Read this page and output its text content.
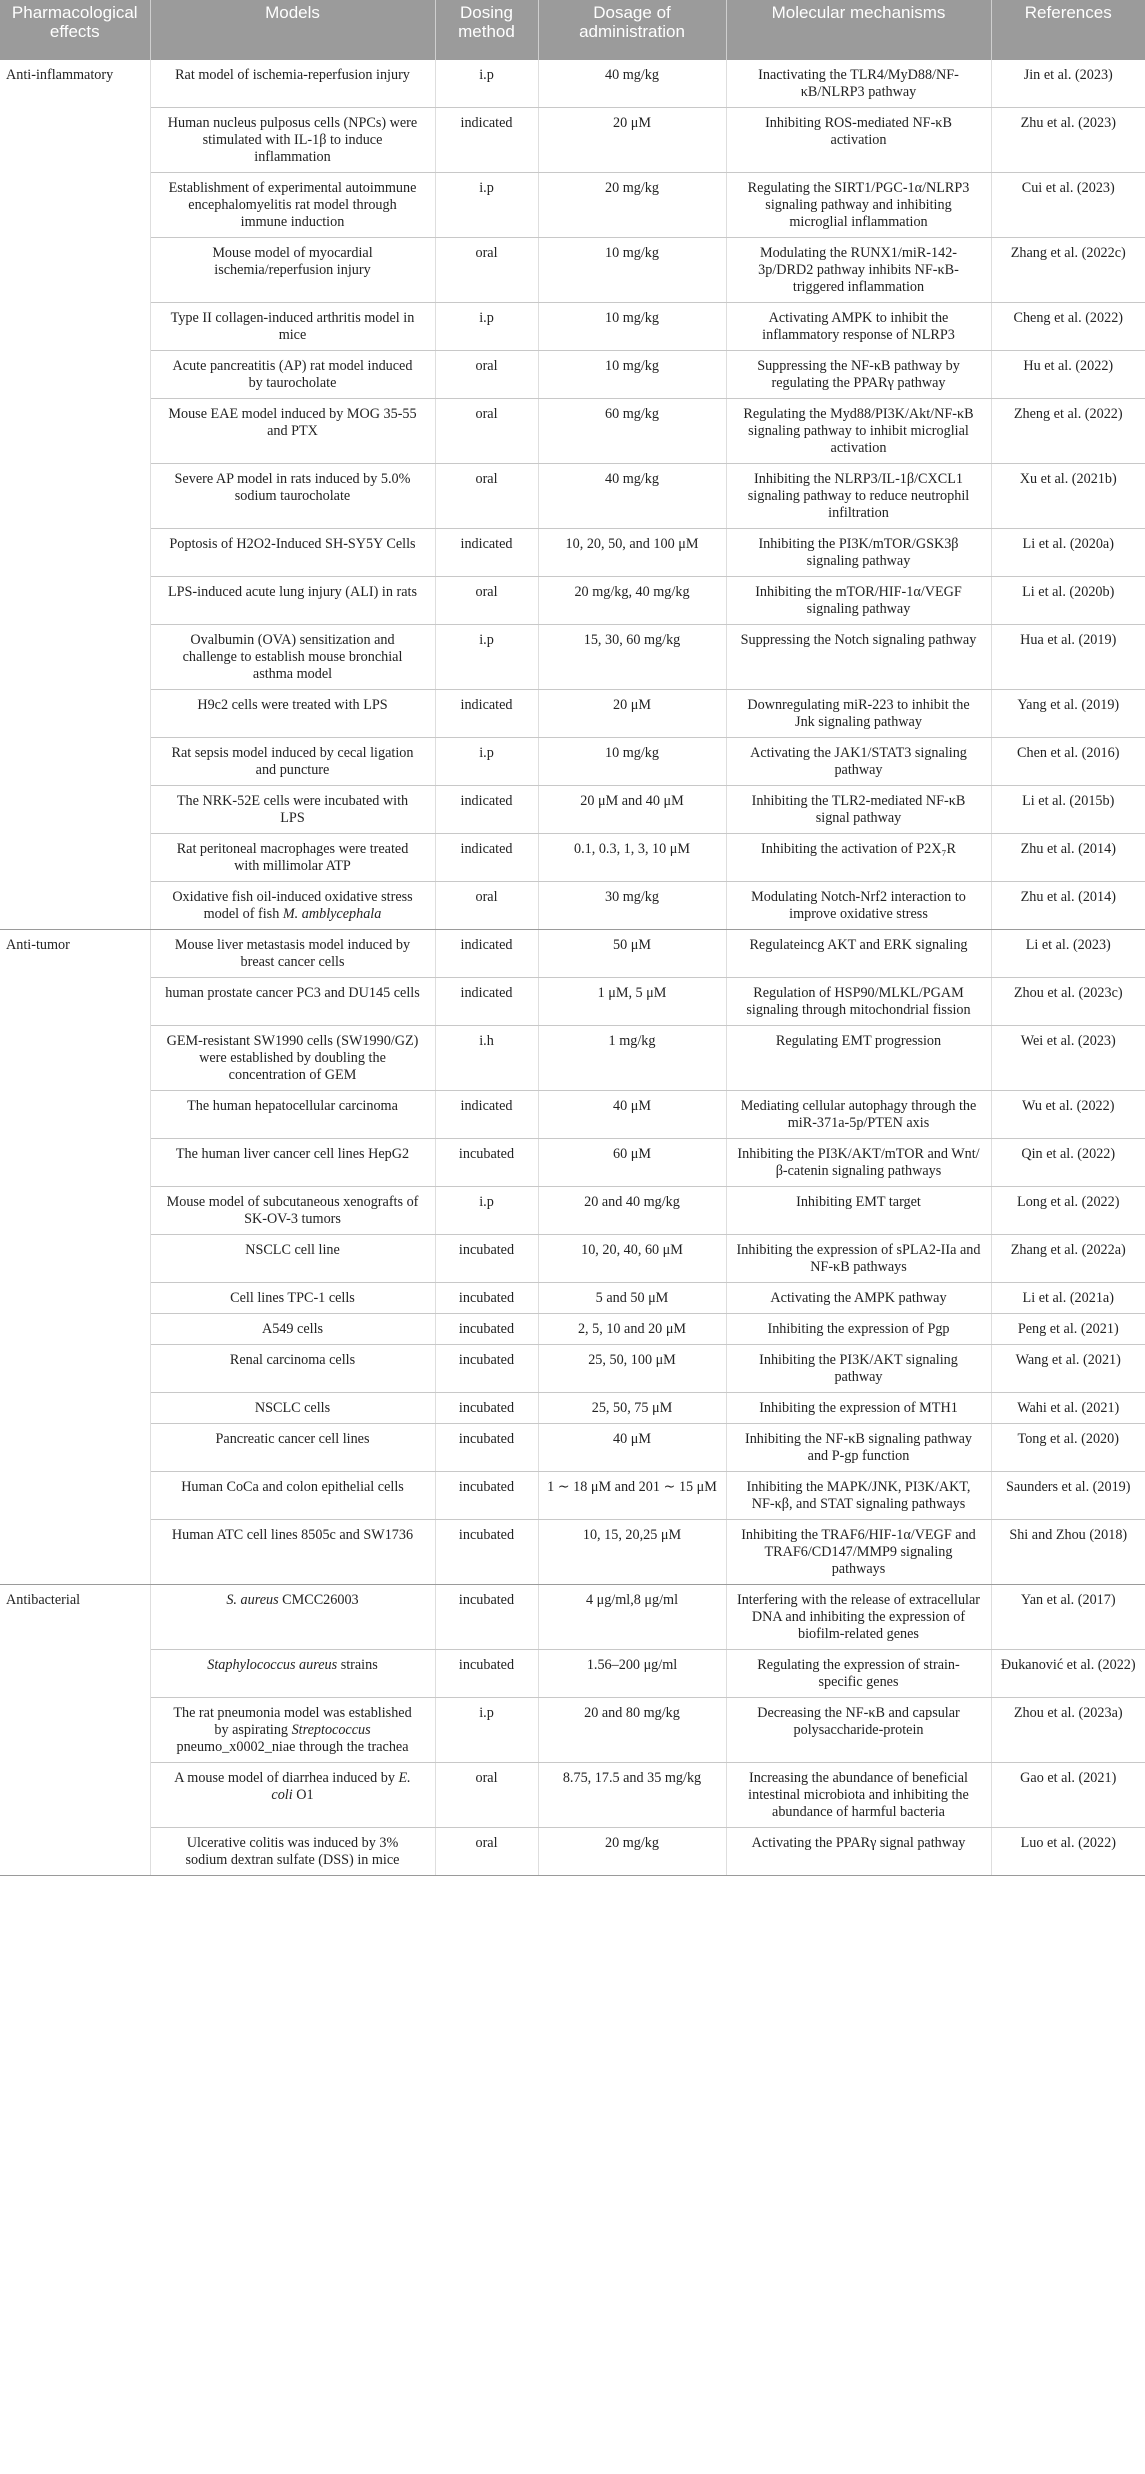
Pharmacological effects	Models	Dosing method	Dosage of administration	Molecular mechanisms	References
Anti-inflammatory	Rat model of ischemia-reperfusion injury	i.p	40 mg/kg	Inactivating the TLR4/MyD88/NF-κB/NLRP3 pathway	Jin et al. (2023)
	Human nucleus pulposus cells (NPCs) were stimulated with IL-1β to induce inflammation	indicated	20 μM	Inhibiting ROS-mediated NF-κB activation	Zhu et al. (2023)
	Establishment of experimental autoimmune encephalomyelitis rat model through immune induction	i.p	20 mg/kg	Regulating the SIRT1/PGC-1α/NLRP3 signaling pathway and inhibiting microglial inflammation	Cui et al. (2023)
	Mouse model of myocardial ischemia/reperfusion injury	oral	10 mg/kg	Modulating the RUNX1/miR-142-3p/DRD2 pathway inhibits NF-κB-triggered inflammation	Zhang et al. (2022c)
	Type II collagen-induced arthritis model in mice	i.p	10 mg/kg	Activating AMPK to inhibit the inflammatory response of NLRP3	Cheng et al. (2022)
	Acute pancreatitis (AP) rat model induced by taurocholate	oral	10 mg/kg	Suppressing the NF-κB pathway by regulating the PPARγ pathway	Hu et al. (2022)
	Mouse EAE model induced by MOG 35-55 and PTX	oral	60 mg/kg	Regulating the Myd88/PI3K/Akt/NF-κB signaling pathway to inhibit microglial activation	Zheng et al. (2022)
	Severe AP model in rats induced by 5.0% sodium taurocholate	oral	40 mg/kg	Inhibiting the NLRP3/IL-1β/CXCL1 signaling pathway to reduce neutrophil infiltration	Xu et al. (2021b)
	Poptosis of H2O2-Induced SH-SY5Y Cells	indicated	10, 20, 50, and 100 μM	Inhibiting the PI3K/mTOR/GSK3β signaling pathway	Li et al. (2020a)
	LPS-induced acute lung injury (ALI) in rats	oral	20 mg/kg, 40 mg/kg	Inhibiting the mTOR/HIF-1α/VEGF signaling pathway	Li et al. (2020b)
	Ovalbumin (OVA) sensitization and challenge to establish mouse bronchial asthma model	i.p	15, 30, 60 mg/kg	Suppressing the Notch signaling pathway	Hua et al. (2019)
	H9c2 cells were treated with LPS	indicated	20 μM	Downregulating miR-223 to inhibit the Jnk signaling pathway	Yang et al. (2019)
	Rat sepsis model induced by cecal ligation and puncture	i.p	10 mg/kg	Activating the JAK1/STAT3 signaling pathway	Chen et al. (2016)
	The NRK-52E cells were incubated with LPS	indicated	20 μM and 40 μM	Inhibiting the TLR2-mediated NF-κB signal pathway	Li et al. (2015b)
	Rat peritoneal macrophages were treated with millimolar ATP	indicated	0.1, 0.3, 1, 3, 10 μM	Inhibiting the activation of P2X₇R	Zhu et al. (2014)
	Oxidative fish oil-induced oxidative stress model of fish M. amblycephala	oral	30 mg/kg	Modulating Notch-Nrf2 interaction to improve oxidative stress	Zhu et al. (2014)
Anti-tumor	Mouse liver metastasis model induced by breast cancer cells	indicated	50 μM	Regulateincg AKT and ERK signaling	Li et al. (2023)
	human prostate cancer PC3 and DU145 cells	indicated	1 μM, 5 μM	Regulation of HSP90/MLKL/PGAM signaling through mitochondrial fission	Zhou et al. (2023c)
	GEM-resistant SW1990 cells (SW1990/GZ) were established by doubling the concentration of GEM	i.h	1 mg/kg	Regulating EMT progression	Wei et al. (2023)
	The human hepatocellular carcinoma	indicated	40 μM	Mediating cellular autophagy through the miR-371a-5p/PTEN axis	Wu et al. (2022)
	The human liver cancer cell lines HepG2	incubated	60 μM	Inhibiting the PI3K/AKT/mTOR and Wnt/β-catenin signaling pathways	Qin et al. (2022)
	Mouse model of subcutaneous xenografts of SK-OV-3 tumors	i.p	20 and 40 mg/kg	Inhibiting EMT target	Long et al. (2022)
	NSCLC cell line	incubated	10, 20, 40, 60 μM	Inhibiting the expression of sPLA2-IIa and NF-κB pathways	Zhang et al. (2022a)
	Cell lines TPC-1 cells	incubated	5 and 50 μM	Activating the AMPK pathway	Li et al. (2021a)
	A549 cells	incubated	2, 5, 10 and 20 μM	Inhibiting the expression of Pgp	Peng et al. (2021)
	Renal carcinoma cells	incubated	25, 50, 100 μM	Inhibiting the PI3K/AKT signaling pathway	Wang et al. (2021)
	NSCLC cells	incubated	25, 50, 75 μM	Inhibiting the expression of MTH1	Wahi et al. (2021)
	Pancreatic cancer cell lines	incubated	40 μM	Inhibiting the NF-κB signaling pathway and P-gp function	Tong et al. (2020)
	Human CoCa and colon epithelial cells	incubated	1 ∼ 18 μM and 201 ∼ 15 μM	Inhibiting the MAPK/JNK, PI3K/AKT, NF-κβ, and STAT signaling pathways	Saunders et al. (2019)
	Human ATC cell lines 8505c and SW1736	incubated	10, 15, 20,25 μM	Inhibiting the TRAF6/HIF-1α/VEGF and TRAF6/CD147/MMP9 signaling pathways	Shi and Zhou (2018)
Antibacterial	S. aureus CMCC26003	incubated	4 μg/ml,8 μg/ml	Interfering with the release of extracellular DNA and inhibiting the expression of biofilm-related genes	Yan et al. (2017)
	Staphylococcus aureus strains	incubated	1.56–200 μg/ml	Regulating the expression of strain-specific genes	Đukanović et al. (2022)
	The rat pneumonia model was established by aspirating Streptococcus pneumo_x0002_niae through the trachea	i.p	20 and 80 mg/kg	Decreasing the NF-κB and capsular polysaccharide-protein	Zhou et al. (2023a)
	A mouse model of diarrhea induced by E. coli O1	oral	8.75, 17.5 and 35 mg/kg	Increasing the abundance of beneficial intestinal microbiota and inhibiting the abundance of harmful bacteria	Gao et al. (2021)
	Ulcerative colitis was induced by 3% sodium dextran sulfate (DSS) in mice	oral	20 mg/kg	Activating the PPARγ signal pathway	Luo et al. (2022)
